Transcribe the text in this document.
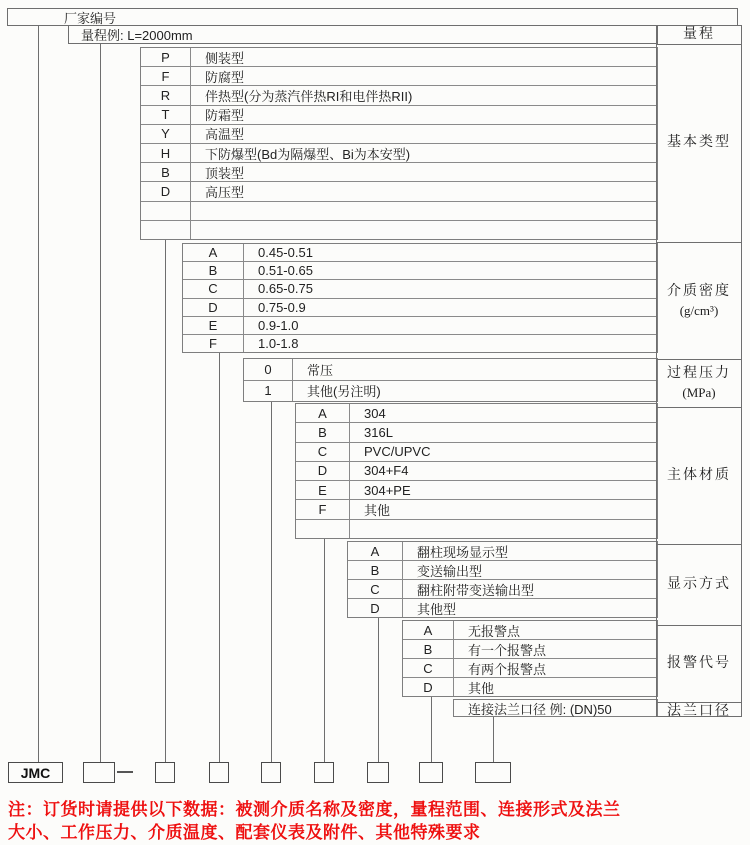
厂家编号
量程例: L=2000mm
P	侧装型
F	防腐型
R	伴热型(分为蒸汽伴热RI和电伴热RII)
T	防霜型
Y	高温型
H	下防爆型(Bd为隔爆型、Bi为本安型)
B	顶装型
D	高压型
A	0.45-0.51
B	0.51-0.65
C	0.65-0.75
D	0.75-0.9
E	0.9-1.0
F	1.0-1.8
0	常压
1	其他(另注明)
A	304
B	316L
C	PVC/UPVC
D	304+F4
E	304+PE
F	其他
A	翻柱现场显示型
B	变送输出型
C	翻柱附带变送输出型
D	其他型
A	无报警点
B	有一个报警点
C	有两个报警点
D	其他
连接法兰口径 例: (DN)50
量程
基本类型
介质密度
(g/cm³)
过程压力
(MPa)
主体材质
显示方式
报警代号
法兰口径
JMC
注：订货时请提供以下数据：被测介质名称及密度，量程范围、连接形式及法兰
大小、工作压力、介质温度、配套仪表及附件、其他特殊要求
